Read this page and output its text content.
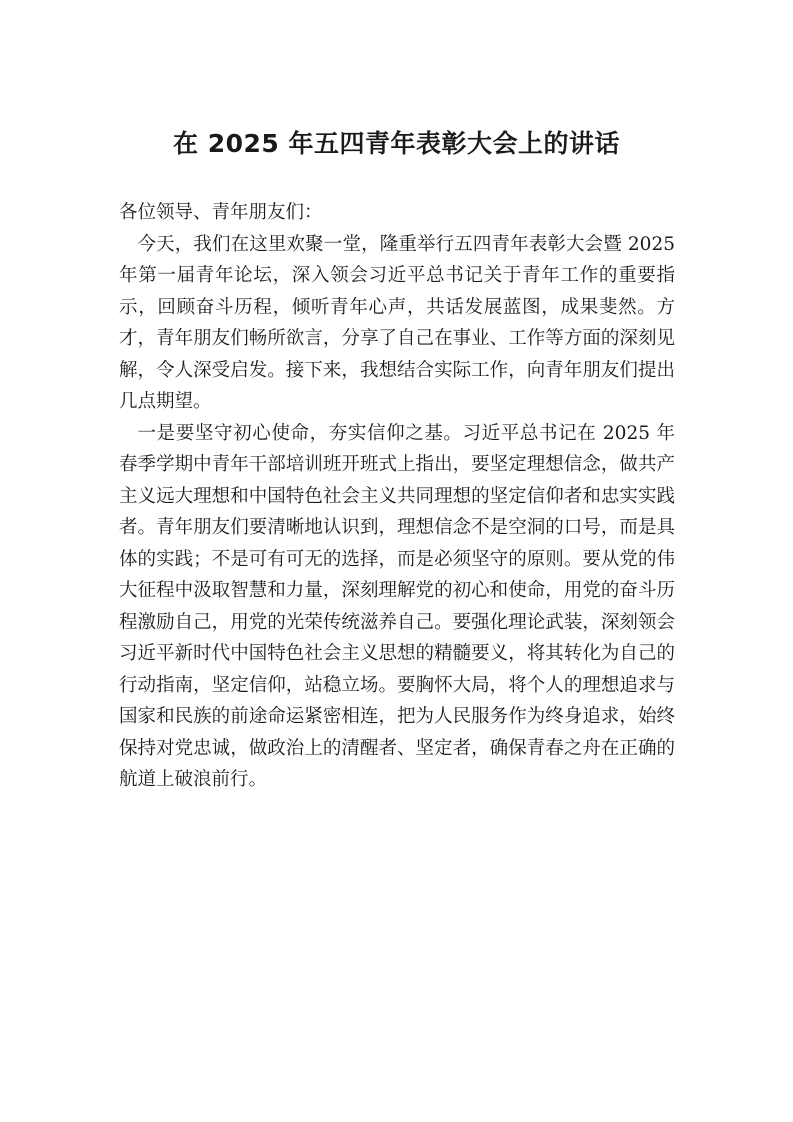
在 2025 年五四青年表彰大会上的讲话

各位领导、青年朋友们：

今天，我们在这里欢聚一堂，隆重举行五四青年表彰大会暨 2025 年第一届青年论坛，深入领会习近平总书记关于青年工作的重要指示，回顾奋斗历程，倾听青年心声，共话发展蓝图，成果斐然。方才，青年朋友们畅所欲言，分享了自己在事业、工作等方面的深刻见解，令人深受启发。接下来，我想结合实际工作，向青年朋友们提出几点期望。

一是要坚守初心使命，夯实信仰之基。习近平总书记在 2025 年春季学期中青年干部培训班开班式上指出，要坚定理想信念，做共产主义远大理想和中国特色社会主义共同理想的坚定信仰者和忠实实践者。青年朋友们要清晰地认识到，理想信念不是空洞的口号，而是具体的实践；不是可有可无的选择，而是必须坚守的原则。要从党的伟大征程中汲取智慧和力量，深刻理解党的初心和使命，用党的奋斗历程激励自己，用党的光荣传统滋养自己。要强化理论武装，深刻领会习近平新时代中国特色社会主义思想的精髓要义，将其转化为自己的行动指南，坚定信仰，站稳立场。要胸怀大局，将个人的理想追求与国家和民族的前途命运紧密相连，把为人民服务作为终身追求，始终保持对党忠诚，做政治上的清醒者、坚定者，确保青春之舟在正确的航道上破浪前行。
